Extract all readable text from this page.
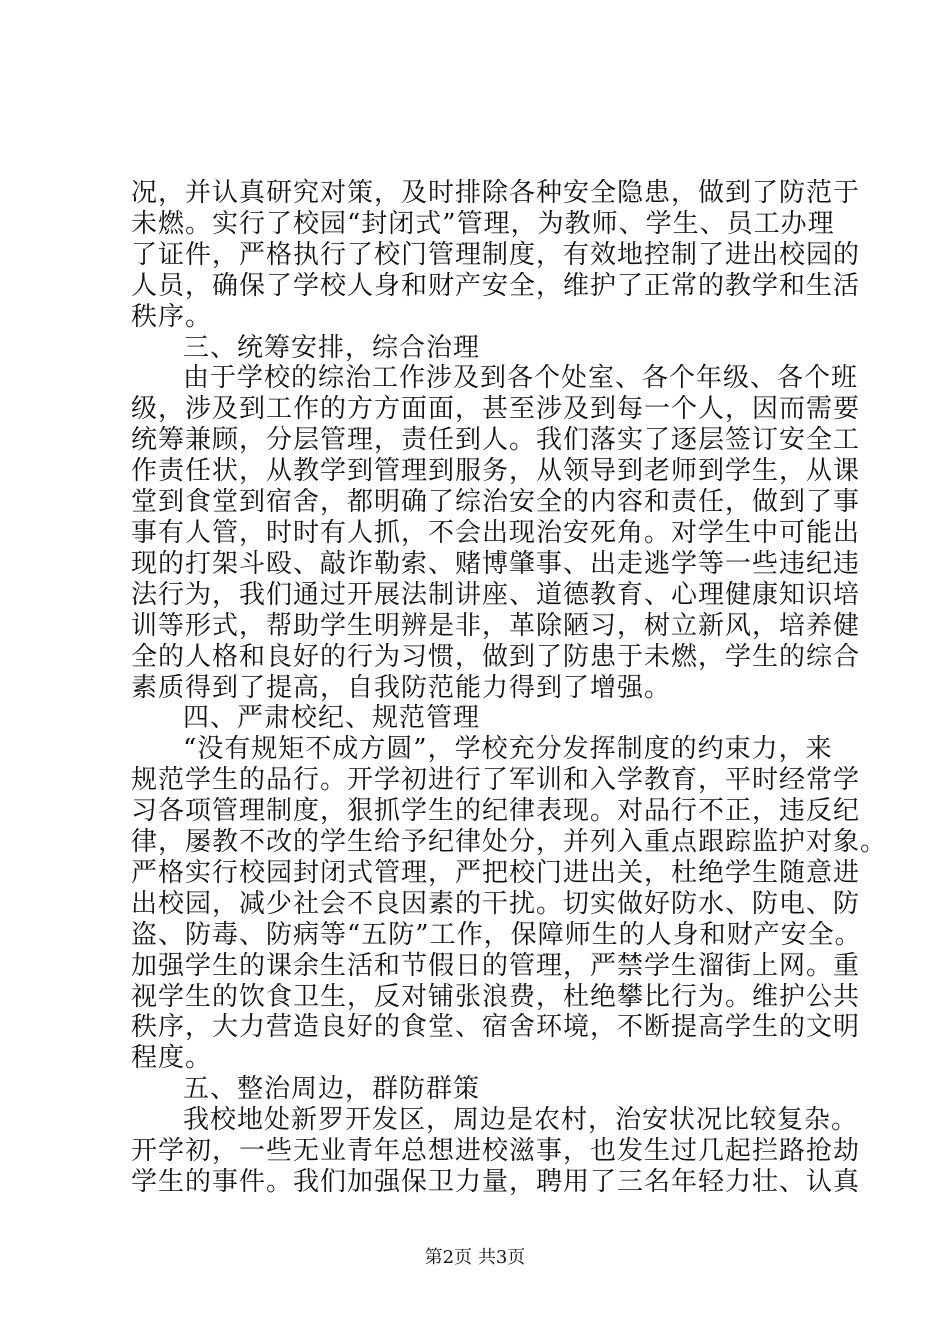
况，并认真研究对策，及时排除各种安全隐患，做到了防范于
未燃。实行了校园“封闭式”管理，为教师、学生、员工办理
了证件，严格执行了校门管理制度，有效地控制了进出校园的
人员，确保了学校人身和财产安全，维护了正常的教学和生活
秩序。
三、统筹安排，综合治理
由于学校的综治工作涉及到各个处室、各个年级、各个班
级，涉及到工作的方方面面，甚至涉及到每一个人，因而需要
统筹兼顾，分层管理，责任到人。我们落实了逐层签订安全工
作责任状，从教学到管理到服务，从领导到老师到学生，从课
堂到食堂到宿舍，都明确了综治安全的内容和责任，做到了事
事有人管，时时有人抓，不会出现治安死角。对学生中可能出
现的打架斗殴、敲诈勒索、赌博肇事、出走逃学等一些违纪违
法行为，我们通过开展法制讲座、道德教育、心理健康知识培
训等形式，帮助学生明辨是非，革除陋习，树立新风，培养健
全的人格和良好的行为习惯，做到了防患于未燃，学生的综合
素质得到了提高，自我防范能力得到了增强。
四、严肃校纪、规范管理
“没有规矩不成方圆”，学校充分发挥制度的约束力，来
规范学生的品行。开学初进行了军训和入学教育，平时经常学
习各项管理制度，狠抓学生的纪律表现。对品行不正，违反纪
律，屡教不改的学生给予纪律处分，并列入重点跟踪监护对象。
严格实行校园封闭式管理，严把校门进出关，杜绝学生随意进
出校园，减少社会不良因素的干扰。切实做好防水、防电、防
盗、防毒、防病等“五防”工作，保障师生的人身和财产安全。
加强学生的课余生活和节假日的管理，严禁学生溜街上网。重
视学生的饮食卫生，反对铺张浪费，杜绝攀比行为。维护公共
秩序，大力营造良好的食堂、宿舍环境，不断提高学生的文明
程度。
五、整治周边，群防群策
我校地处新罗开发区，周边是农村，治安状况比较复杂。
开学初，一些无业青年总想进校滋事，也发生过几起拦路抢劫
学生的事件。我们加强保卫力量，聘用了三名年轻力壮、认真
第2页 共3页
